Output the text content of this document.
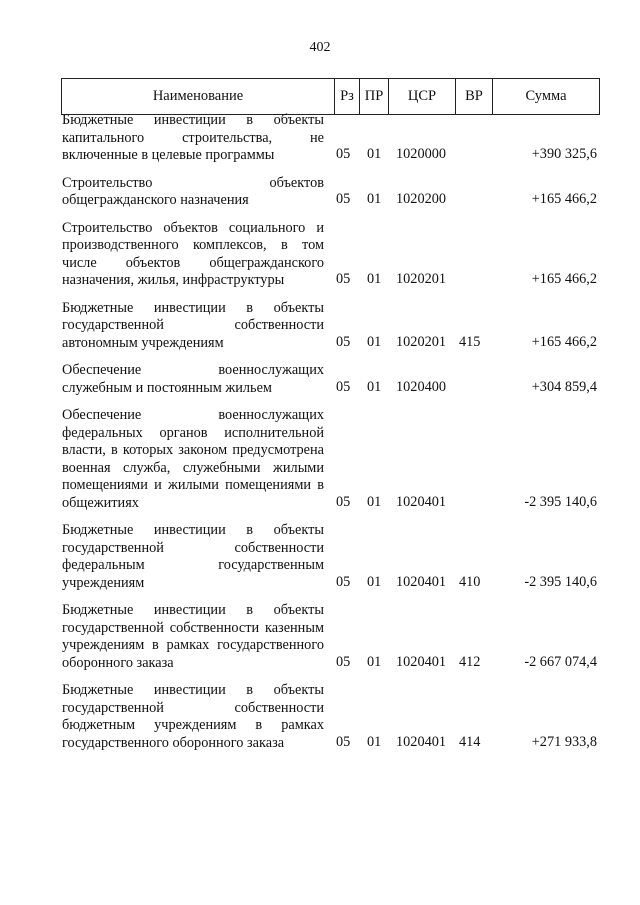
402
Наименование	Рз	ПР	ЦСР	ВР	Сумма
Бюджетные инвестиции в объекты капитального строительства, не включенные в целевые программы	05 01 1020000	+390 325,6
Строительство объектов общегражданского назначения	05 01 1020200	+165 466,2
Строительство объектов социального и производственного комплексов, в том числе объектов общегражданского назначения, жилья, инфраструктуры	05 01 1020201	+165 466,2
Бюджетные инвестиции в объекты государственной собственности автономным учреждениям	05 01 1020201 415	+165 466,2
Обеспечение военнослужащих служебным и постоянным жильем	05 01 1020400	+304 859,4
Обеспечение военнослужащих федеральных органов исполнительной власти, в которых законом предусмотрена военная служба, служебными жилыми помещениями и жилыми помещениями в общежитиях	05 01 1020401	-2 395 140,6
Бюджетные инвестиции в объекты государственной собственности федеральным государственным учреждениям	05 01 1020401 410	-2 395 140,6
Бюджетные инвестиции в объекты государственной собственности казенным учреждениям в рамках государственного оборонного заказа	05 01 1020401 412	-2 667 074,4
Бюджетные инвестиции в объекты государственной собственности бюджетным учреждениям в рамках государственного оборонного заказа	05 01 1020401 414	+271 933,8
